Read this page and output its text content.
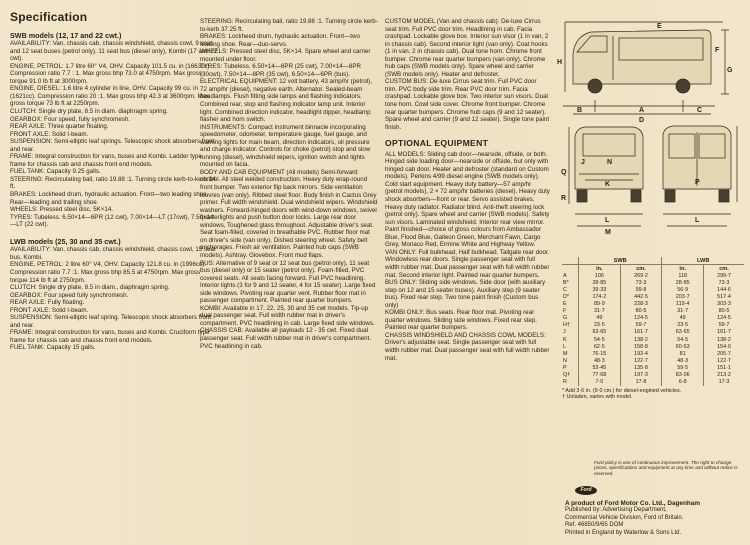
Specification
SWB models (12, 17 and 22 cwt.)

AVAILABILITY: Van, chassis cab, chassis windshield, chassis cowl, 9 seat and 12 seat buses (petrol only), 11 seat bus (diesel only), Kombi (17 and 22 cwt).

ENGINE, PETROL: 1.7 litre 60° V4, OHV. Capacity 101.5 cu. in (1663cc). Compression ratio 7.7 : 1. Max gross bhp 73.0 at 4750rpm. Max gross torque 91.0 lb ft at 3000rpm.

ENGINE, DIESEL: 1.6 litre 4 cylinder in line, OHV. Capacity 99 cu. in (1621cc). Compression ratio 20 :1. Max gross bhp 42.3 at 3600rpm. Max gross torque 73 lb ft at 2250rpm.

CLUTCH: Single dry plate, 8.5 in diam. diaphragm spring.

GEARBOX: Four speed, fully synchromesh.

REAR AXLE: Three quarter floating.

FRONT AXLE: Solid I-beam.

SUSPENSION: Semi-elliptic leaf springs. Telescopic shock absorbers front and rear.

FRAME: Integral construction for vans, buses and Kombi. Ladder type frame for chassis cab and chassis front end models.

FUEL TANK: Capacity 9.25 galls.

STEERING: Recirculating ball, ratio 19.88 :1. Turning circle kerb-to-kerb 34 ft.

BRAKES: Lockheed drum, hydraulic actuation. Front—two leading shoe. Rear—leading and trailing shoe.

WHEELS: Pressed steel disc, 5K×14.

TYRES: Tubeless. 6.50×14—6PR (12 cwt), 7.00×14—LT (17cwt), 7.50×14—LT (22 cwt).

LWB models (25, 30 and 35 cwt.)

AVAILABILITY: Van, chassis cab, chassis windshield, chassis cowl, 15 seat bus, Kombi.

ENGINE, PETROL: 2 litre 60° V4, OHV. Capacity 121.8 cu. in (1996cc). Compression ratio 7.7 :1. Max gross bhp 85.5 at 4750rpm. Max gross torque 114 lb ft at 2750rpm.

CLUTCH: Single dry plate, 8.5 in diam., diaphragm spring.

GEARBOX: Four speed fully synchromesh.

REAR AXLE: Fully floating.

FRONT AXLE: Solid I-beam.

SUSPENSION: Semi-elliptic leaf spring. Telescopic shock absorbers front and rear.

FRAME: Integral construction for vans, buses and Kombi. Cruciform type frame for chassis cab and chassis front end models.

FUEL TANK: Capacity 15 galls.

STEERING: Recirculating ball, ratio 19.88 :1. Turning circle kerb-to-kerb 37.25 ft.

BRAKES: Lockheed drum, hydraulic actuation. Front—two leading shoe. Rear—duo-servo.

WHEELS: Pressed steel disc, 5K×14. Spare wheel and carrier mounted under floor.

TYRES: Tubeless. 6.50×14—6PR (25 cwt), 7.00×14—8PR (30cwt), 7.50×14—8PR (35 cwt), 6.50×14—6PR (bus).

ELECTRICAL EQUIPMENT: 12 volt battery, 43 amp/hr (petrol), 72 amp/hr (diesel), negative earth. Alternator. Sealed-beam headlamps. Flush fitting side lamps and flashing indicators. Combined rear, stop and flashing indicator lamp unit. Interior light. Combined direction indicator, headlight dipper, headlamp flasher and horn switch.

INSTRUMENTS: Compact instrument binnacle incorporating speedometer, odometer, temperature gauge, fuel gauge, and warning lights for main beam, direction indicators, oil pressure and charge indicator. Controls for choke (petrol) stop and slow running (diesel), windshield wipers, ignition switch and lights mounted on facia.

BODY AND CAB EQUIPMENT (All models) Semi-forward control. All steel welded construction. Heavy duty wrap-round front bumper. Two exterior flip back mirrors. Side ventilation louvres (van only). Ribbed steel floor. Body finish in Cactus Grey primer. Full width windshield. Dual windshield wipers. Windshield washers. Forward-hinged doors with wind-down windows, swivel quarterlights and push button door locks. Large rear door windows, Toughened glass throughout. Adjustable driver's seat. Seat foam-filled, covered in breathable PVC. Rubber floor mat on driver's side (van only). Dished steering wheel. Safety belt anchorages. Fresh air ventilation. Painted hub caps (SWB models). Ashtray. Glovebox. Front mud flaps.

BUS: Alternative of 9 seat or 12 seat bus (petrol only), 11 seat bus (diesel only) or 15 seater (petrol only). Foam-filled, PVC covered seats. All seats facing forward. Full PVC headlining. Interior lights (3 for 9 and 12 seater, 4 for 15 seater). Large fixed side windows. Pivoting rear quarter vent. Rubber floor mat in passenger compartment. Painted rear quarter bumpers.

KOMBI: Available in 17, 22, 25, 30 and 35 cwt models. Tip-up dual passenger seat. Full width rubber mat in driver's compartment. PVC headlining in cab. Large fixed side windows.

CHASSIS CAB: Available all payloads 12 - 35 cwt. Fixed dual passenger seat. Full width rubber mat in driver's compartment. PVC headlining in cab.

CUSTOM MODEL (Van and chassis cab): De-luxe Cirrus seat trim. Full PVC door trim. Headlining in cab. Facia crashpad. Lockable glove box. Interior sun visor (1 in van, 2 in chassis cab). Second interior light (van only). Coat hooks (1 in van, 2 in chassis cab). Dual tone horn. Chrome front bumper. Chrome rear quarter bumpers (van only). Chrome hub caps (SWB models only). Spare wheel and carrier (SWB models only). Heater and defroster.

CUSTOM BUS: De-luxe Cirrus seat trim. Full PVC door trim. PVC body side trim. Rear PVC door trim. Facia crashpad. Lockable glove box. Two interior sun visors. Dual tone horn. Cowl side cover. Chrome front bumper. Chrome rear quarter bumpers. Chrome hub caps (9 and 12 seater). Spare wheel and carrier (9 and 12 seater). Single tone paint finish.

OPTIONAL EQUIPMENT

ALL MODELS: Sliding cab door—nearside, offside, or both. Hinged side loading door—nearside or offside, but only with hinged cab door. Heater and defroster (standard on Custom models). Perkins 4/99 diesel engine (SWB models only). Cold start equipment. Heavy duty battery—57 amp/hr (petrol models), 2 × 72 amp/hr batteries (diesel). Heavy duty shock absorbers—front or rear. Servo assisted brakes. Heavy duty radiator. Radiator blind. Anti-theft steering lock (petrol only). Spare wheel and carrier (SWB models). Safety sun visors. Laminated windshield. Interior rear view mirror.

Paint finished—choice of gloss colours from Ambassador Blue, Flood Blue, Galleon Green, Merchant Fawn, Cargo Grey, Monaco Red, Ermine White and Highway Yellow.

VAN ONLY: Full bulkhead, Half bulkhead. Tailgate rear door. Windowless rear doors. Single passenger seat with full width rubber mat. Dual passenger seat with full width rubber mat. Second interior light. Painted rear quarter bumpers.

BUS ONLY: Sliding side windows. Side door (with auxiliary step on 12 and 15 seater buses). Auxiliary step (9 seater bus). Fixed rear step. Two tone paint finish (Custom bus only)

KOMBI ONLY: Bus seats. Rear floor mat. Pivoting rear quarter windows. Sliding side windows. Fixed rear step. Painted rear quarter bumpers.

CHASSIS WINDSHIELD AND CHASSIS COWL MODELS: Driver's adjustable seat. Single passenger seat with full width rubber mat. Dual passenger seat with full width rubber mat.

E
F
G
H
B	A	C
D
J	N
K
Q
R
L
M
P
L
	SWB		LWB	
	in.	cm.	in.	cm.
A	106	269·2	118	299·7
B*	28·85	73·3	28·85	73·3
C	39·33	99·8	56·9	144·6
D*	174·2	442·5	203·7	517·4
E	89·9	228·3	119·4	303·3
F	31·7	80·5	31·7	80·5
G	49	124·5	49	124·5
H†	23·5	59·7	23·5	59·7
J	63·65	161·7	63·65	161·7
K	54·5	138·2	54·5	138·2
L	62·5	158·8	60·63	154·0
M	76·15	193·4	81	205·7
N	48·3	122·7	48·3	122·7
P	53·45	135·8	59·5	151·1
Q†	77·68	197·3	83·06	213·2
R	7·0	17·8	6·8	17·3
* Add 3·6 in. (9·0 cm.) for diesel-engined vehicles.
† Unladen, varies with model.
Ford policy is one of continuous improvement. The right to change prices, specifications and equipment at any time and without notice is reserved.
Ford

A product of Ford Motor Co. Ltd., Dagenham

Published by: Advertising Department,

Commercial Vehicle Division, Ford of Britain.

Ref. 46850/9/65 DOM

Printed in England by Waterlow & Sons Ltd.
